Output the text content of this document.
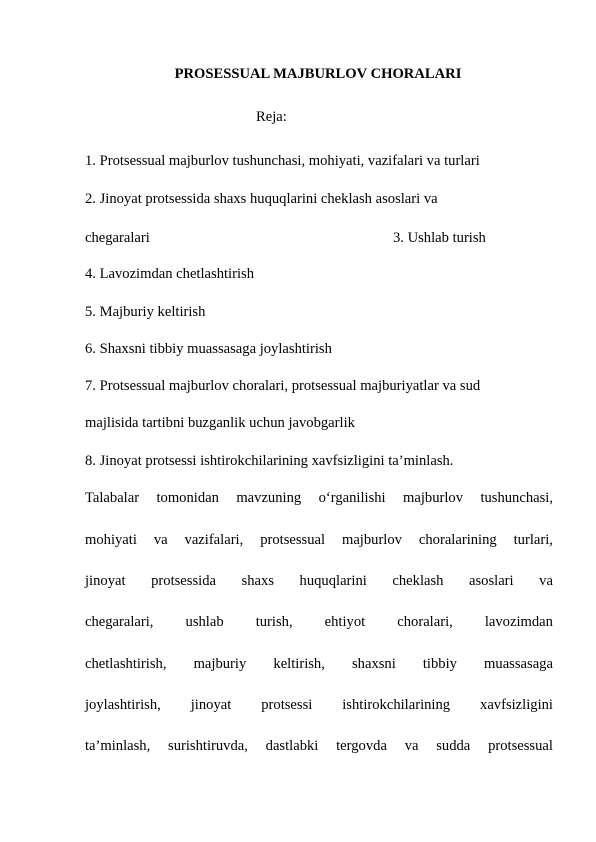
PROSESSUAL MAJBURLOV CHORALARI
Reja:
1. Protsessual majburlov tushunchasi, mohiyati, vazifalari va turlari
2. Jinoyat protsessida shaxs huquqlarini cheklash asoslari va
chegaralari	3. Ushlab turish
4. Lavozimdan chetlashtirish
5. Majburiy keltirish
6. Shaxsni tibbiy muassasaga joylashtirish
7. Protsessual majburlov choralari, protsessual majburiyatlar va sud
majlisida tartibni buzganlik uchun javobgarlik
8. Jinoyat protsessi ishtirokchilarining xavfsizligini ta’minlash.
Talabalar tomonidan mavzuning o‘rganilishi majburlov tushunchasi,
mohiyati va vazifalari, protsessual majburlov choralarining turlari,
jinoyat protsessida shaxs huquqlarini cheklash asoslari va
chegaralari, ushlab turish, ehtiyot choralari, lavozimdan
chetlashtirish, majburiy keltirish, shaxsni tibbiy muassasaga
joylashtirish, jinoyat protsessi ishtirokchilarining xavfsizligini
ta’minlash, surishtiruvda, dastlabki tergovda va sudda protsessual
